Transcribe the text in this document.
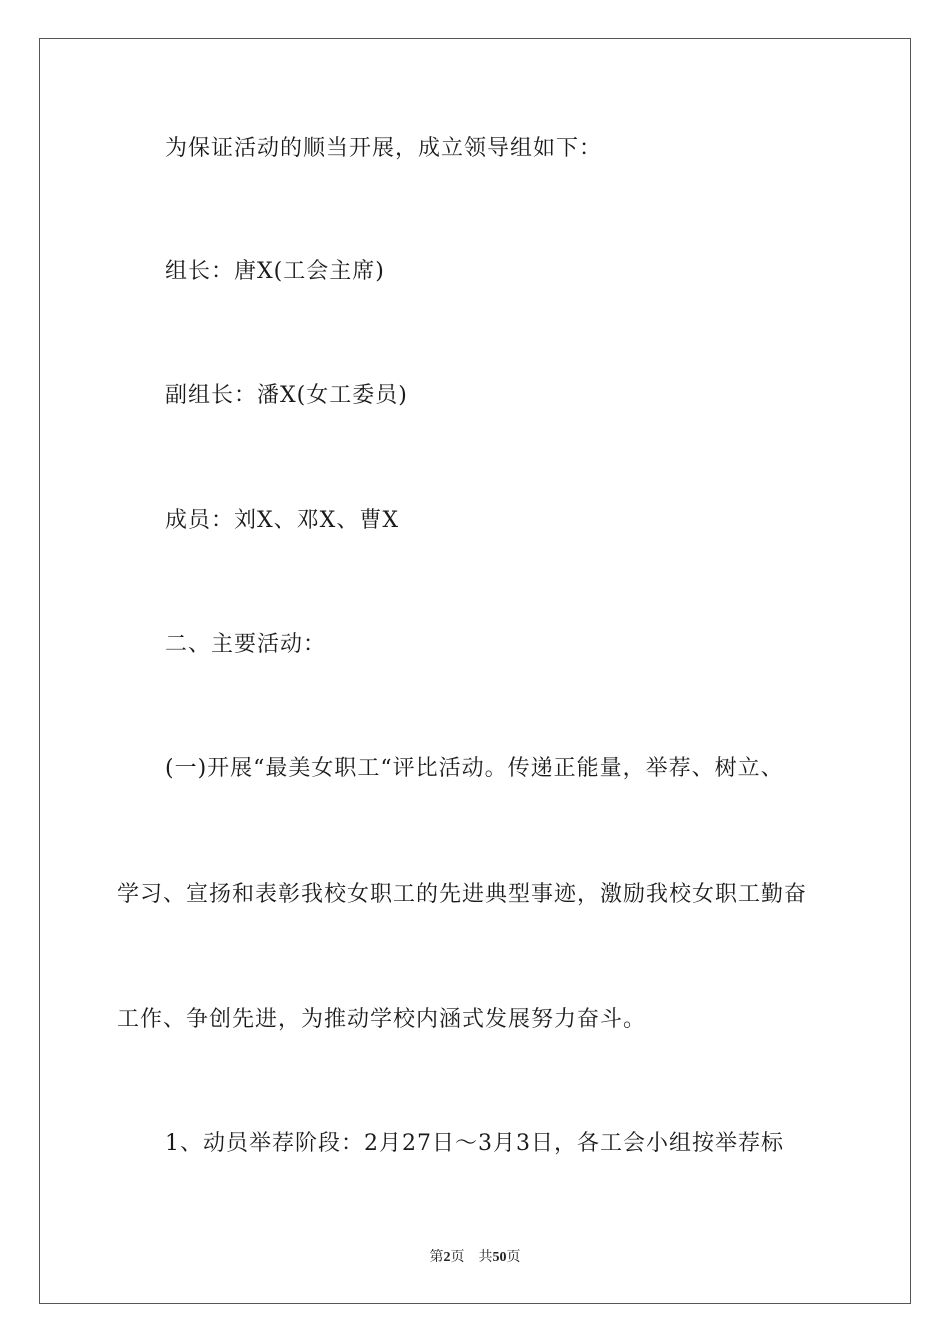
为保证活动的顺当开展，成立领导组如下：
组长：唐X(工会主席)
副组长：潘X(女工委员)
成员：刘X、邓X、曹X
二、主要活动：
(一)开展“最美女职工“评比活动。传递正能量，举荐、树立、
学习、宣扬和表彰我校女职工的先进典型事迹，激励我校女职工勤奋
工作、争创先进，为推动学校内涵式发展努力奋斗。
1、动员举荐阶段：2月27日～3月3日，各工会小组按举荐标
第2页 共50页
